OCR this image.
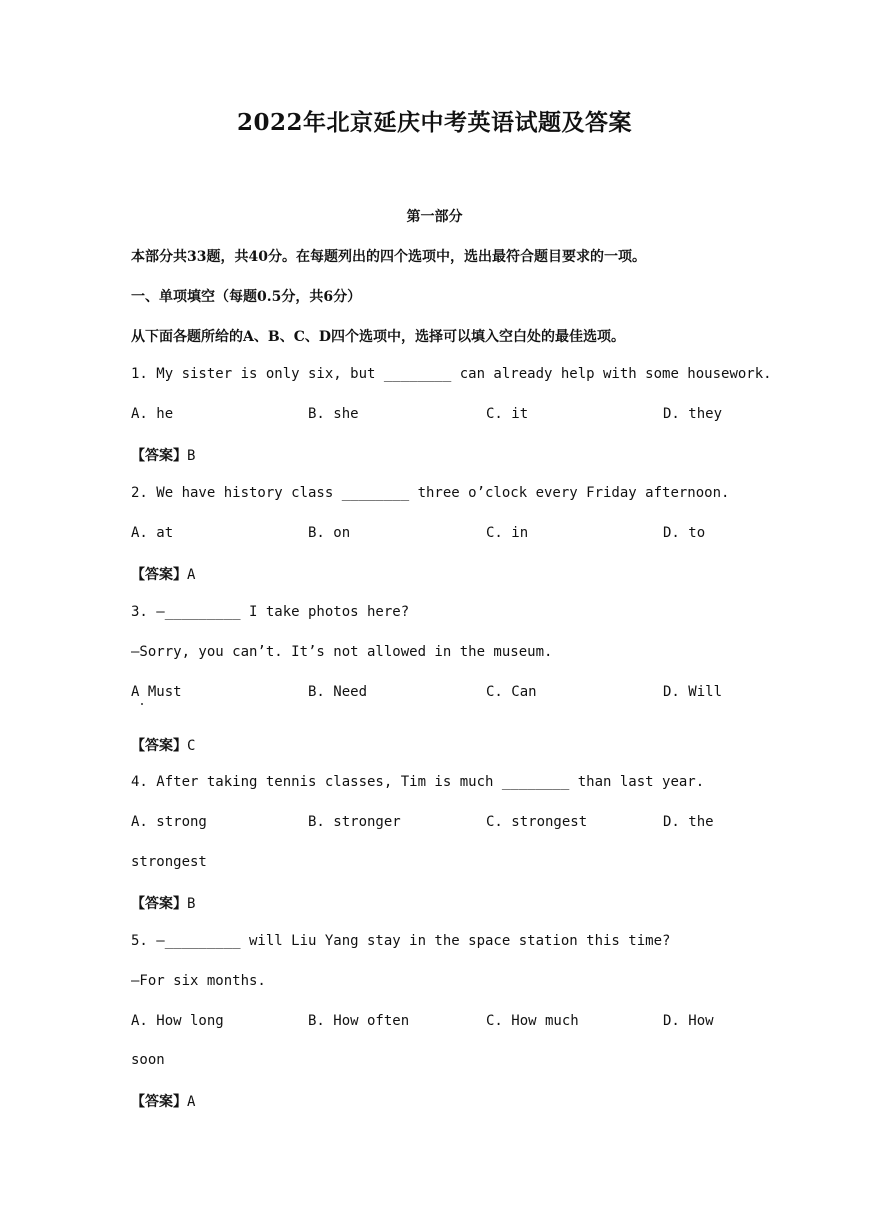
2022年北京延庆中考英语试题及答案
第一部分
本部分共33题，共40分。在每题列出的四个选项中，选出最符合题目要求的一项。
一、单项填空（每题0.5分，共6分）
从下面各题所给的A、B、C、D四个选项中，选择可以填入空白处的最佳选项。
1. My sister is only six, but ________ can already help with some housework.
A. he	B. she	C. it	D. they
【答案】B
2. We have history class ________ three o’clock every Friday afternoon.
A. at	B. on	C. in	D. to
【答案】A
3. —_________ I take photos here?
—Sorry, you can’t. It’s not allowed in the museum.
A Must	B. Need	C. Can	D. Will
【答案】C
4. After taking tennis classes, Tim is much ________ than last year.
A. strong	B. stronger	C. strongest	D. the
strongest
【答案】B
5. —_________ will Liu Yang stay in the space station this time?
—For six months.
A. How long	B. How often	C. How much	D. How
soon
【答案】A
